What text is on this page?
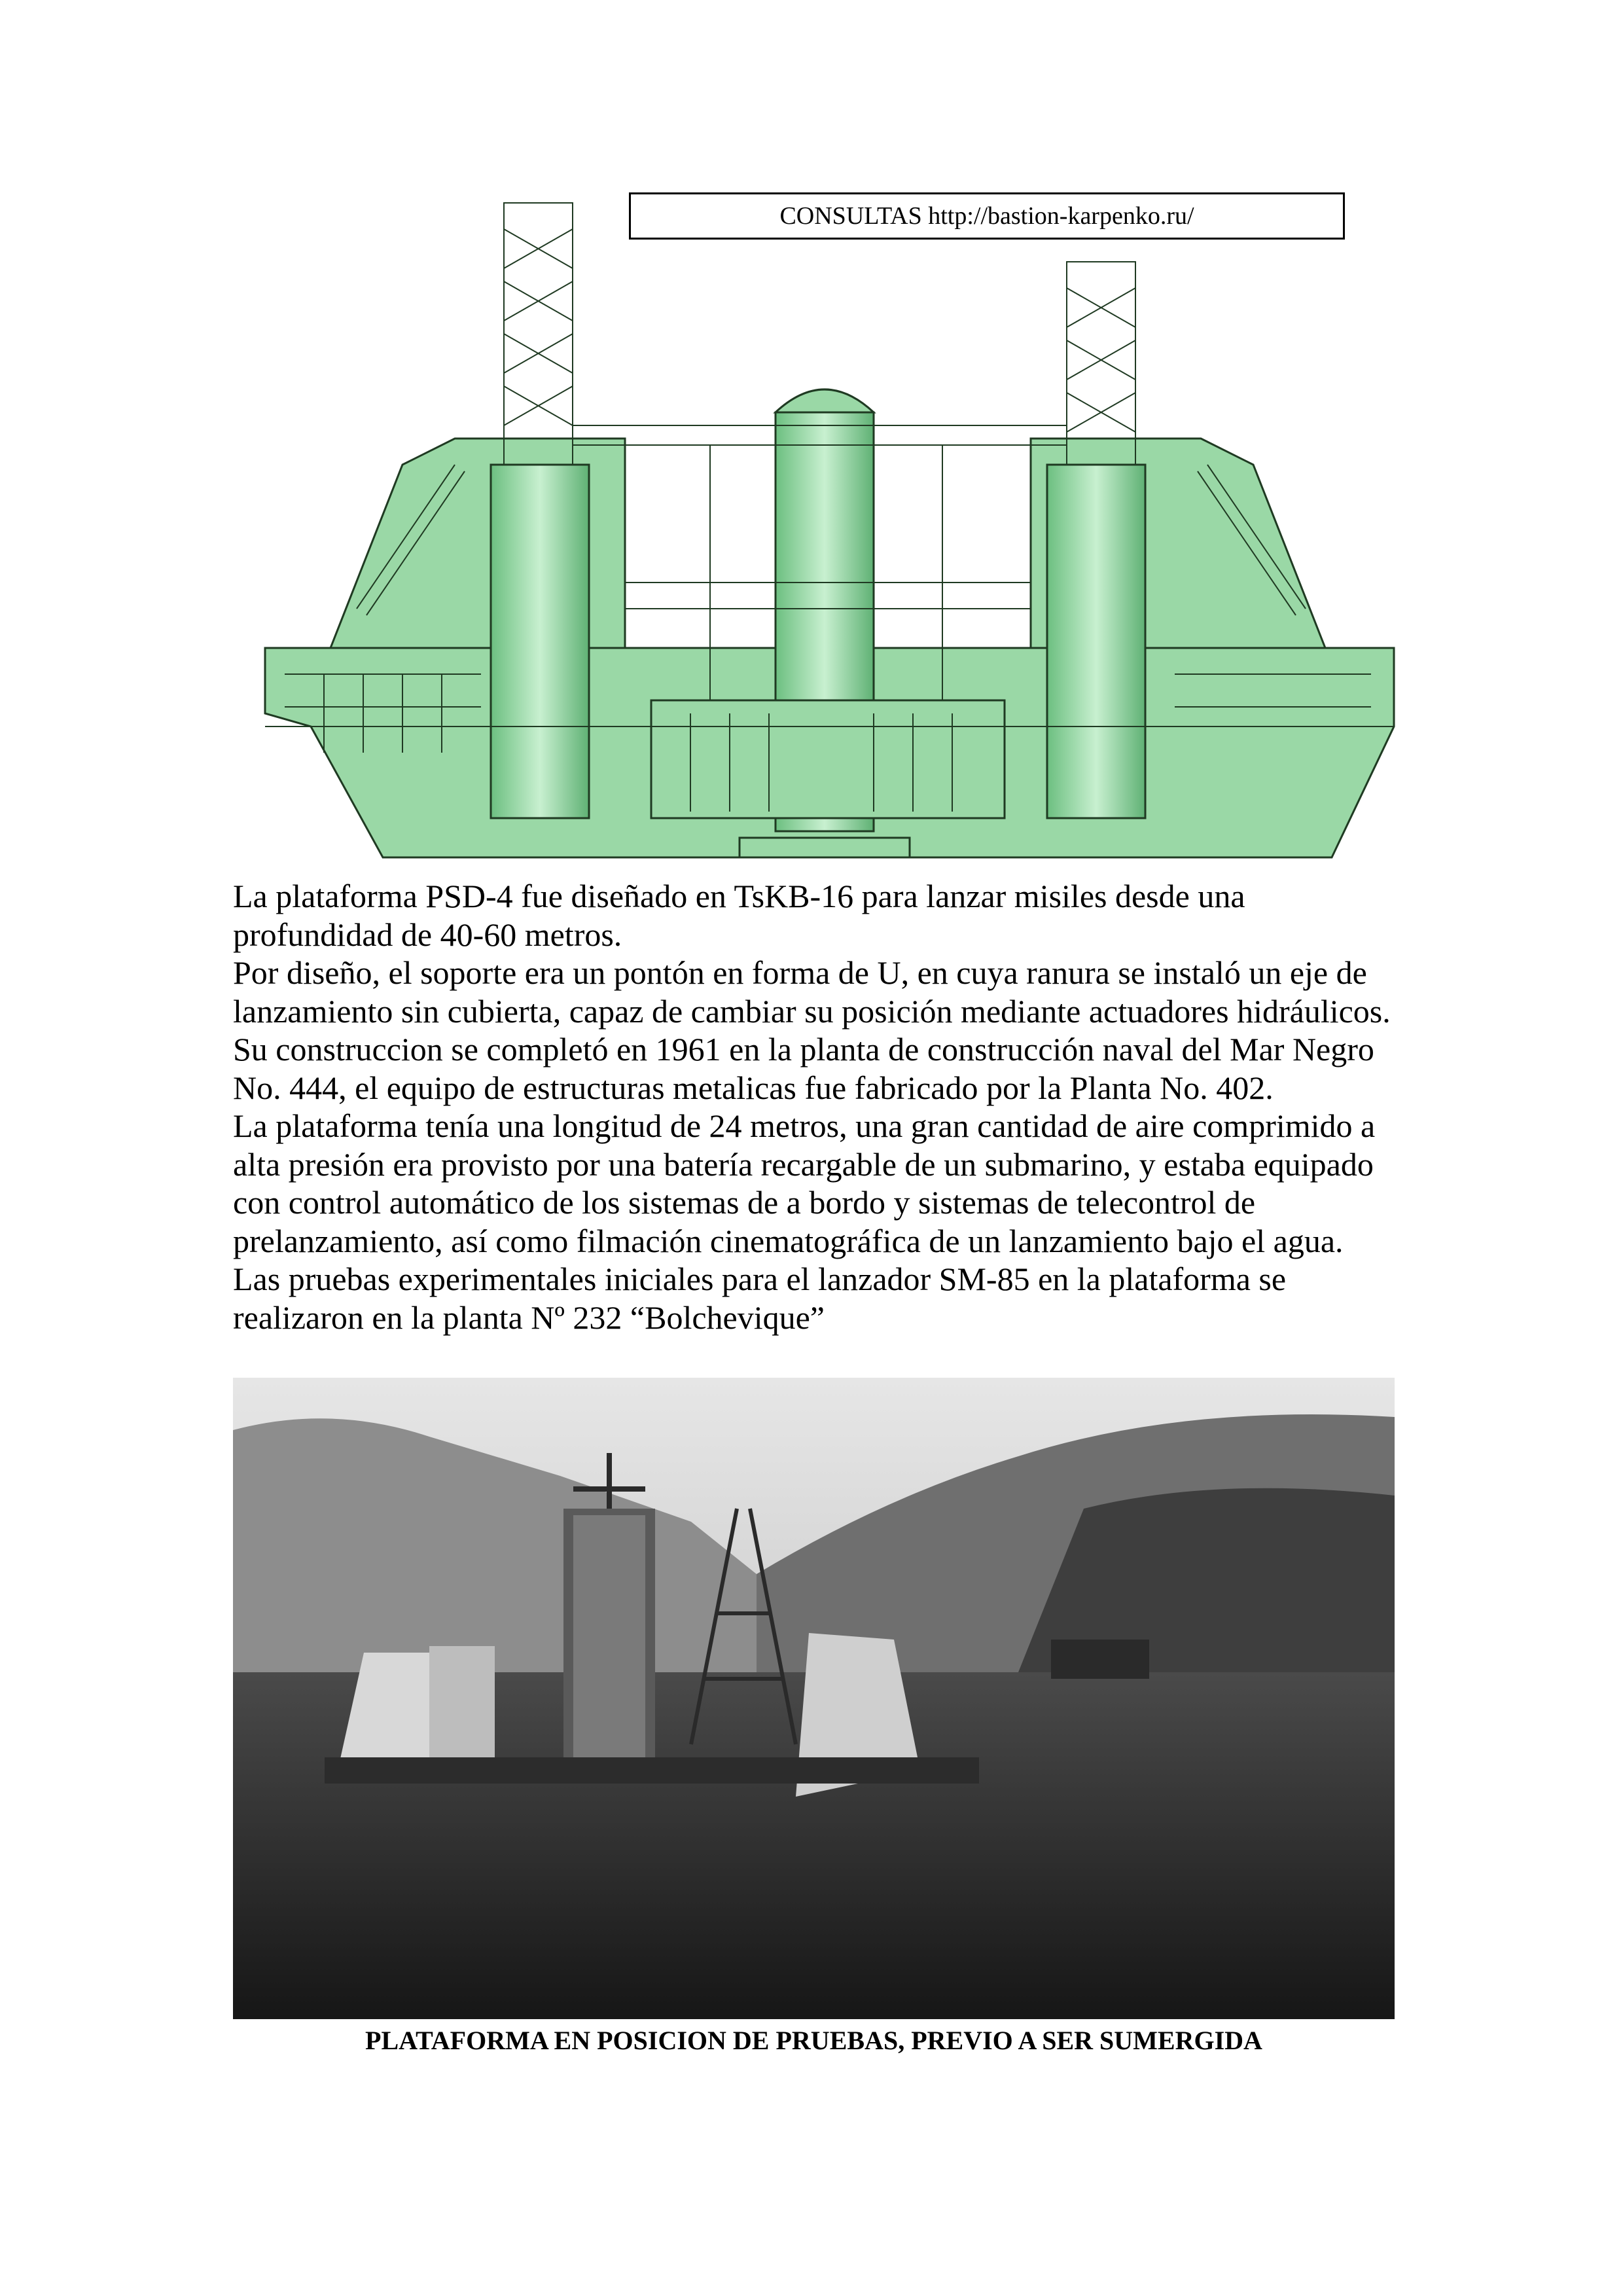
CONSULTAS http://bastion-karpenko.ru/

La plataforma PSD-4 fue diseñado en TsKB-16 para lanzar misiles desde una

profundidad de 40-60 metros.

Por diseño, el soporte era un pontón en forma de U, en cuya ranura se instaló un eje de

lanzamiento sin cubierta, capaz de cambiar su posición mediante actuadores hidráulicos.

Su construccion se completó en 1961 en la planta de construcción naval del Mar Negro

No. 444, el equipo de estructuras metalicas fue fabricado por la Planta No. 402.

La plataforma tenía una longitud de 24 metros, una gran cantidad de aire comprimido a

alta presión era provisto por una batería recargable de un submarino, y estaba equipado

con control automático de los sistemas de a bordo y sistemas de telecontrol de

prelanzamiento, así como filmación cinematográfica de un lanzamiento bajo el agua.

Las pruebas experimentales iniciales para el lanzador SM-85 en la plataforma se

realizaron en la planta Nº 232 “Bolchevique”

PLATAFORMA EN POSICION DE PRUEBAS, PREVIO A SER SUMERGIDA
